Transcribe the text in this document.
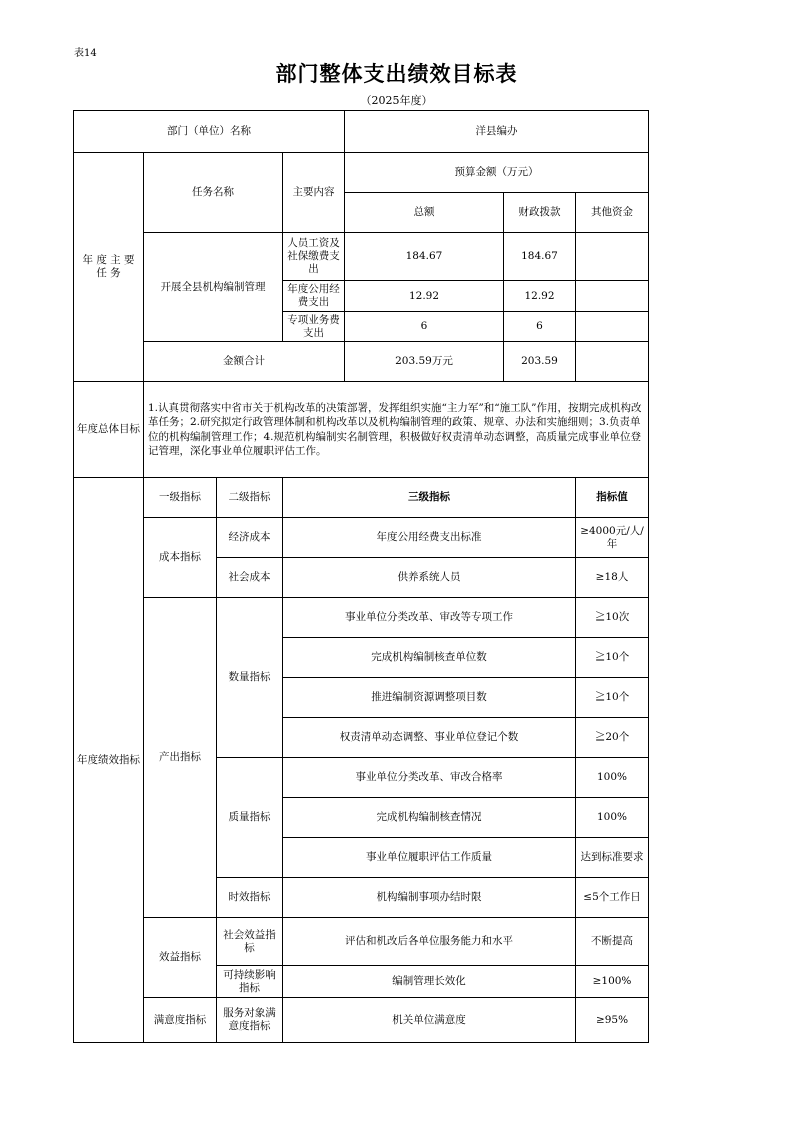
表14
部门整体支出绩效目标表
（2025年度）
部门（单位）名称				洋县编办		
年 度 主 要 任 务	任务名称		主要内容	预算金额（万元）		
				总额	财政拨款	其他资金
	开展全县机构编制管理		人员工资及社保缴费支出	184.67	184.67	
			年度公用经费支出	12.92	12.92	
			专项业务费支出	6	6	
	金额合计			203.59万元	203.59	

年度总体目标	1.认真贯彻落实中省市关于机构改革的决策部署，发挥组织实施“主力军”和“施工队”作用，按期完成机构改革任务；2.研究拟定行政管理体制和机构改革以及机构编制管理的政策、规章、办法和实施细则；3.负责单位的机构编制管理工作；4.规范机构编制实名制管理，积极做好权责清单动态调整，高质量完成事业单位登记管理，深化事业单位履职评估工作。					
年度绩效指标	一级指标	二级指标	三级指标			指标值
	成本指标	经济成本	年度公用经费支出标准			≥4000元/人/年
		社会成本	供养系统人员			≥18人
	产出指标	数量指标	事业单位分类改革、审改等专项工作			≧10次
			完成机构编制核查单位数			≧10个
			推进编制资源调整项目数			≧10个
			权责清单动态调整、事业单位登记个数			≧20个
		质量指标	事业单位分类改革、审改合格率			100%
			完成机构编制核查情况			100%
			事业单位履职评估工作质量			达到标准要求
		时效指标	机构编制事项办结时限			≤5个工作日
	效益指标	社会效益指标	评估和机改后各单位服务能力和水平			不断提高
		可持续影响指标	编制管理长效化			≥100%
	满意度指标	服务对象满意度指标	机关单位满意度			≥95%
